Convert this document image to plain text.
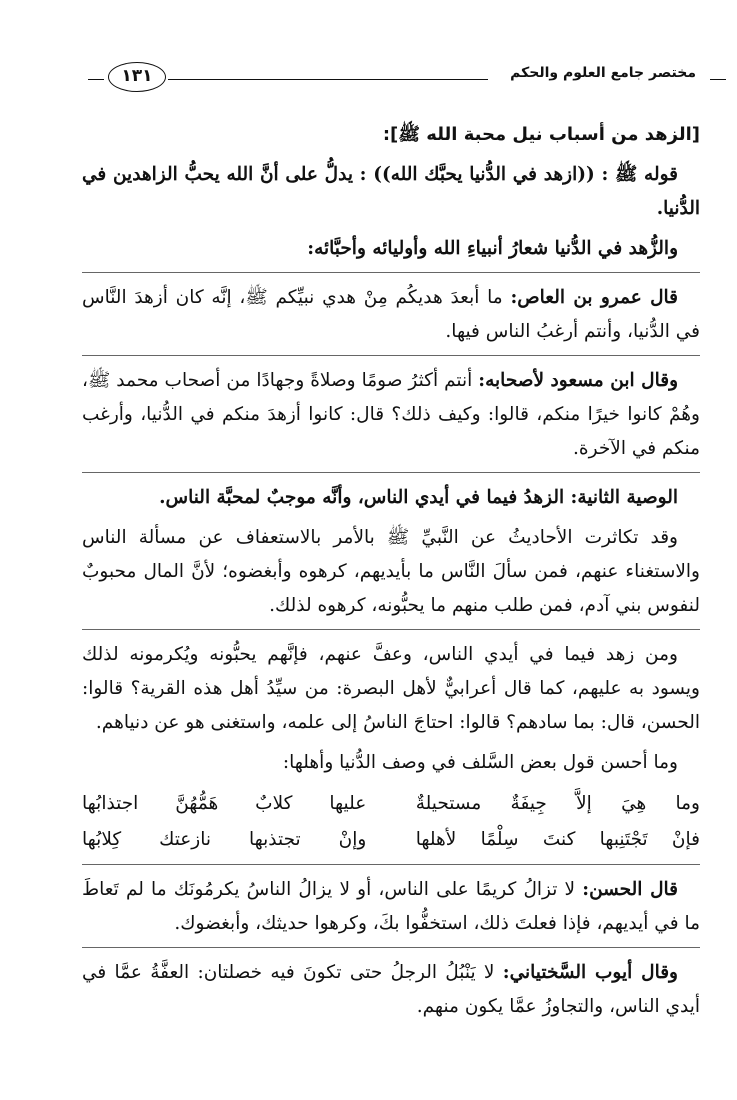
مختصر جامع العلوم والحكم
١٣١

[الزهد من أسباب نيل محبة الله ﷺ]:

قوله ﷺ : ((ازهد في الدُّنيا يحبَّك الله)) : يدلُّ على أنَّ الله يحبُّ الزاهدين في الدُّنيا.

والزُّهد في الدُّنيا شعارُ أنبياءِ الله وأوليائه وأحبَّائه:

قال عمرو بن العاص: ما أبعدَ هديكُم مِنْ هدي نبيِّكم ﷺ، إنَّه كان أزهدَ النَّاس في الدُّنيا، وأنتم أرغبُ الناس فيها.

وقال ابن مسعود لأصحابه: أنتم أكثرُ صومًا وصلاةً وجهادًا من أصحاب محمد ﷺ، وهُمْ كانوا خيرًا منكم، قالوا: وكيف ذلك؟ قال: كانوا أزهدَ منكم في الدُّنيا، وأرغب منكم في الآخرة.

الوصية الثانية: الزهدُ فيما في أيدي الناس، وأنَّه موجبٌ لمحبَّة الناس.

وقد تكاثرت الأحاديثُ عن النَّبيِّ ﷺ بالأمر بالاستعفاف عن مسألة الناس والاستغناء عنهم، فمن سألَ النَّاس ما بأيديهم، كرهوه وأبغضوه؛ لأنَّ المال محبوبٌ لنفوس بني آدم، فمن طلب منهم ما يحبُّونه، كرهوه لذلك.

ومن زهد فيما في أيدي الناس، وعفَّ عنهم، فإنَّهم يحبُّونه ويُكرمونه لذلك ويسود به عليهم، كما قال أعرابيٌّ لأهل البصرة: من سيِّدُ أهل هذه القرية؟ قالوا: الحسن، قال: بما سادهم؟ قالوا: احتاجَ الناسُ إلى علمه، واستغنى هو عن دنياهم.

وما أحسن قول بعض السَّلف في وصف الدُّنيا وأهلها:

وما هِيَ إلاَّ جِيفَةٌ مستحيلةٌ
عليها كلابٌ هَمُّهُنَّ اجتذابُها
فإنْ تَجْتَنِبها كنتَ سِلْمًا لأهلها
وإنْ تجتذبها نازعتك كِلابُها

قال الحسن: لا تزالُ كريمًا على الناس، أو لا يزالُ الناسُ يكرمُونَك ما لم تَعاطَ ما في أيديهم، فإذا فعلتَ ذلك، استخفُّوا بكَ، وكرهوا حديثك، وأبغضوك.

وقال أيوب السَّختياني: لا يَنْبُلُ الرجلُ حتى تكونَ فيه خصلتان: العفَّةُ عمَّا في أيدي الناس، والتجاوزُ عمَّا يكون منهم.
